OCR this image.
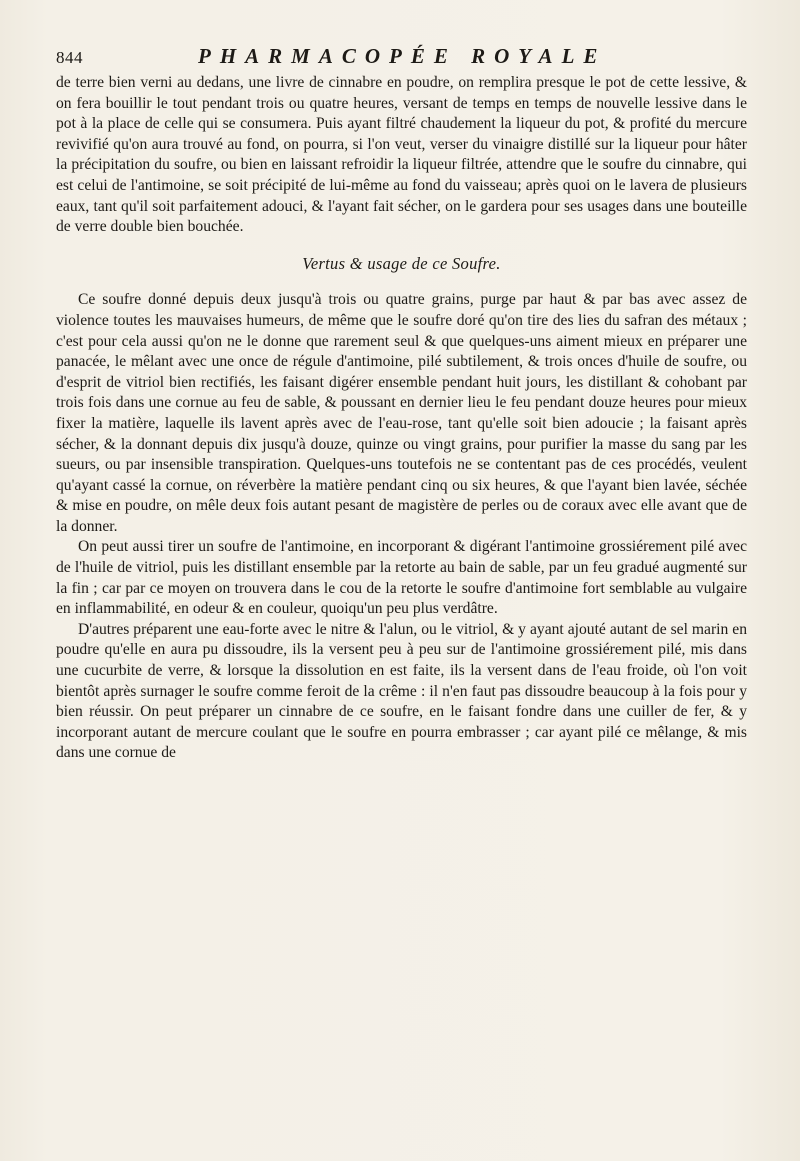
844	PHARMACOPÉE ROYALE

de terre bien verni au dedans, une livre de cinnabre en poudre, on remplira presque le pot de cette lessive, & on fera bouillir le tout pendant trois ou quatre heures, versant de temps en temps de nouvelle lessive dans le pot à la place de celle qui se consumera. Puis ayant filtré chaudement la liqueur du pot, & profité du mercure revivifié qu'on aura trouvé au fond, on pourra, si l'on veut, verser du vinaigre distillé sur la liqueur pour hâter la précipitation du soufre, ou bien en laissant refroidir la liqueur filtrée, attendre que le soufre du cinnabre, qui est celui de l'antimoine, se soit précipité de lui-même au fond du vaisseau; après quoi on le lavera de plusieurs eaux, tant qu'il soit parfaitement adouci, & l'ayant fait sécher, on le gardera pour ses usages dans une bouteille de verre double bien bouchée.

Vertus & usage de ce Soufre.

Ce soufre donné depuis deux jusqu'à trois ou quatre grains, purge par haut & par bas avec assez de violence toutes les mauvaises humeurs, de même que le soufre doré qu'on tire des lies du safran des métaux ; c'est pour cela aussi qu'on ne le donne que rarement seul & que quelques-uns aiment mieux en préparer une panacée, le mêlant avec une once de régule d'antimoine, pilé subtilement, & trois onces d'huile de soufre, ou d'esprit de vitriol bien rectifiés, les faisant digérer ensemble pendant huit jours, les distillant & cohobant par trois fois dans une cornue au feu de sable, & poussant en dernier lieu le feu pendant douze heures pour mieux fixer la matière, laquelle ils lavent après avec de l'eau-rose, tant qu'elle soit bien adoucie ; la faisant après sécher, & la donnant depuis dix jusqu'à douze, quinze ou vingt grains, pour purifier la masse du sang par les sueurs, ou par insensible transpiration. Quelques-uns toutefois ne se contentant pas de ces procédés, veulent qu'ayant cassé la cornue, on réverbère la matière pendant cinq ou six heures, & que l'ayant bien lavée, séchée & mise en poudre, on mêle deux fois autant pesant de magistère de perles ou de coraux avec elle avant que de la donner.

On peut aussi tirer un soufre de l'antimoine, en incorporant & digérant l'antimoine grossiérement pilé avec de l'huile de vitriol, puis les distillant ensemble par la retorte au bain de sable, par un feu gradué augmenté sur la fin ; car par ce moyen on trouvera dans le cou de la retorte le soufre d'antimoine fort semblable au vulgaire en inflammabilité, en odeur & en couleur, quoiqu'un peu plus verdâtre.

D'autres préparent une eau-forte avec le nitre & l'alun, ou le vitriol, & y ayant ajouté autant de sel marin en poudre qu'elle en aura pu dissoudre, ils la versent peu à peu sur de l'antimoine grossiérement pilé, mis dans une cucurbite de verre, & lorsque la dissolution en est faite, ils la versent dans de l'eau froide, où l'on voit bientôt après surnager le soufre comme feroit de la crême : il n'en faut pas dissoudre beaucoup à la fois pour y bien réussir. On peut préparer un cinnabre de ce soufre, en le faisant fondre dans une cuiller de fer, & y incorporant autant de mercure coulant que le soufre en pourra embrasser ; car ayant pilé ce mêlange, & mis dans une cornue de
